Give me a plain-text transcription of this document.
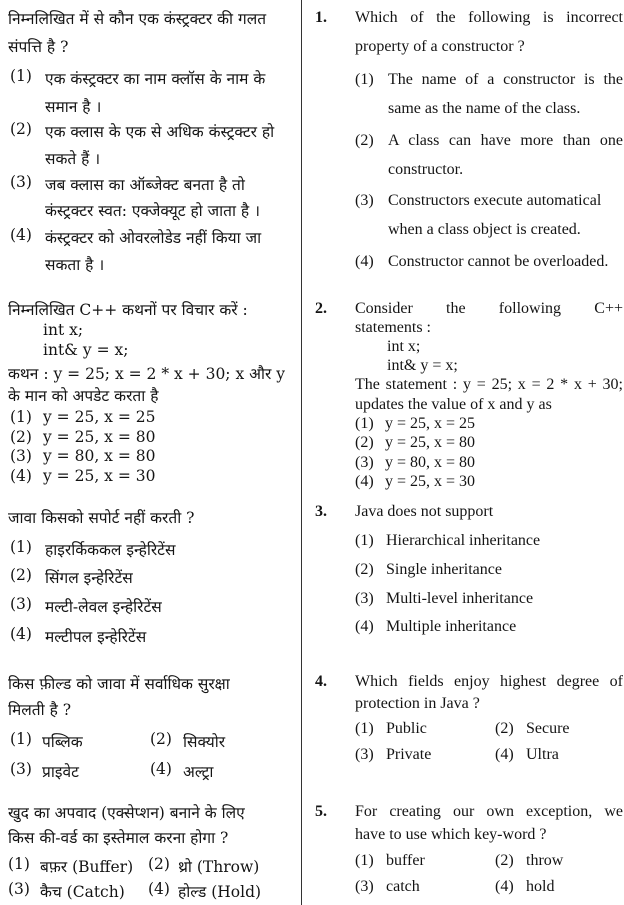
निम्नलिखित में से कौन एक कंस्ट्रक्टर की गलत
संपत्ति है ?
(1) एक कंस्ट्रक्टर का नाम क्लॉस के नाम के
समान है ।
(2) एक क्लास के एक से अधिक कंस्ट्रक्टर हो
सकते हैं ।
(3) जब क्लास का ऑब्जेक्ट बनता है तो
कंस्ट्रक्टर स्वत: एक्जेक्यूट हो जाता है ।
(4) कंस्ट्रक्टर को ओवरलोडेड नहीं किया जा
सकता है ।
निम्नलिखित C++ कथनों पर विचार करें :
int x;
int& y = x;
कथन : y = 25; x = 2 * x + 30; x और y
के मान को अपडेट करता है
(1) y = 25, x = 25
(2) y = 25, x = 80
(3) y = 80, x = 80
(4) y = 25, x = 30
जावा किसको सपोर्ट नहीं करती ?
(1) हाइरर्किककल इन्हेरिटेंस
(2) सिंगल इन्हेरिटेंस
(3) मल्टी-लेवल इन्हेरिटेंस
(4) मल्टीपल इन्हेरिटेंस
किस फ़ील्ड को जावा में सर्वाधिक सुरक्षा
मिलती है ?
(1) पब्लिक	(2) सिक्योर
(3) प्राइवेट	(4) अल्ट्रा
खुद का अपवाद (एक्सेप्शन) बनाने के लिए
किस की-वर्ड का इस्तेमाल करना होगा ?
(1) बफ़र (Buffer) (2) थ्रो (Throw)
(3) कैच (Catch) (4) होल्ड (Hold)
1. Which of the following is incorrect
property of a constructor ?
(1) The name of a constructor is the
same as the name of the class.
(2) A class can have more than one
constructor.
(3) Constructors execute automatical
when a class object is created.
(4) Constructor cannot be overloaded.
2. Consider the following C++
statements :
int x;
int& y = x;
The statement : y = 25; x = 2 * x + 30;
updates the value of x and y as
(1) y = 25, x = 25
(2) y = 25, x = 80
(3) y = 80, x = 80
(4) y = 25, x = 30
3. Java does not support
(1) Hierarchical inheritance
(2) Single inheritance
(3) Multi-level inheritance
(4) Multiple inheritance
4. Which fields enjoy highest degree of
protection in Java ?
(1) Public	(2) Secure
(3) Private	(4) Ultra
5. For creating our own exception, we
have to use which key-word ?
(1) buffer	(2) throw
(3) catch	(4) hold
